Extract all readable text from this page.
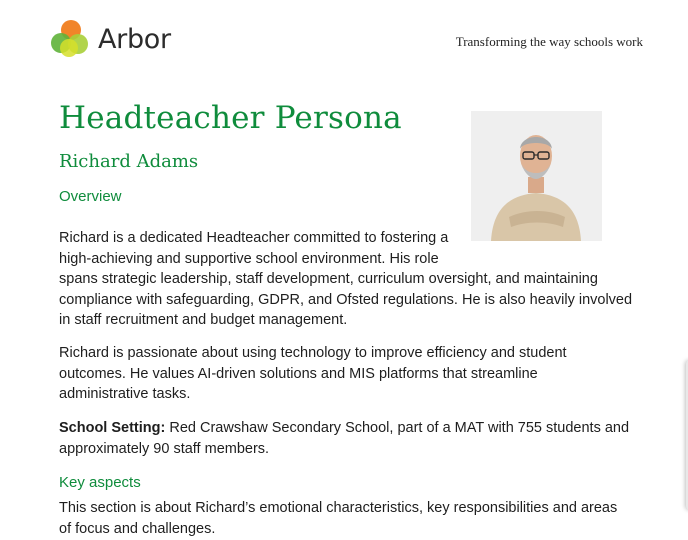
Arbor	Transforming the way schools work
Headteacher Persona
Richard Adams
Overview
Richard is a dedicated Headteacher committed to fostering a
high-achieving and supportive school environment. His role
spans strategic leadership, staff development, curriculum oversight, and maintaining
compliance with safeguarding, GDPR, and Ofsted regulations. He is also heavily involved
in staff recruitment and budget management.
Richard is passionate about using technology to improve efficiency and student
outcomes. He values AI-driven solutions and MIS platforms that streamline
administrative tasks.
School Setting: Red Crawshaw Secondary School, part of a MAT with 755 students and
approximately 90 staff members.
Key aspects
This section is about Richard’s emotional characteristics, key responsibilities and areas
of focus and challenges.
